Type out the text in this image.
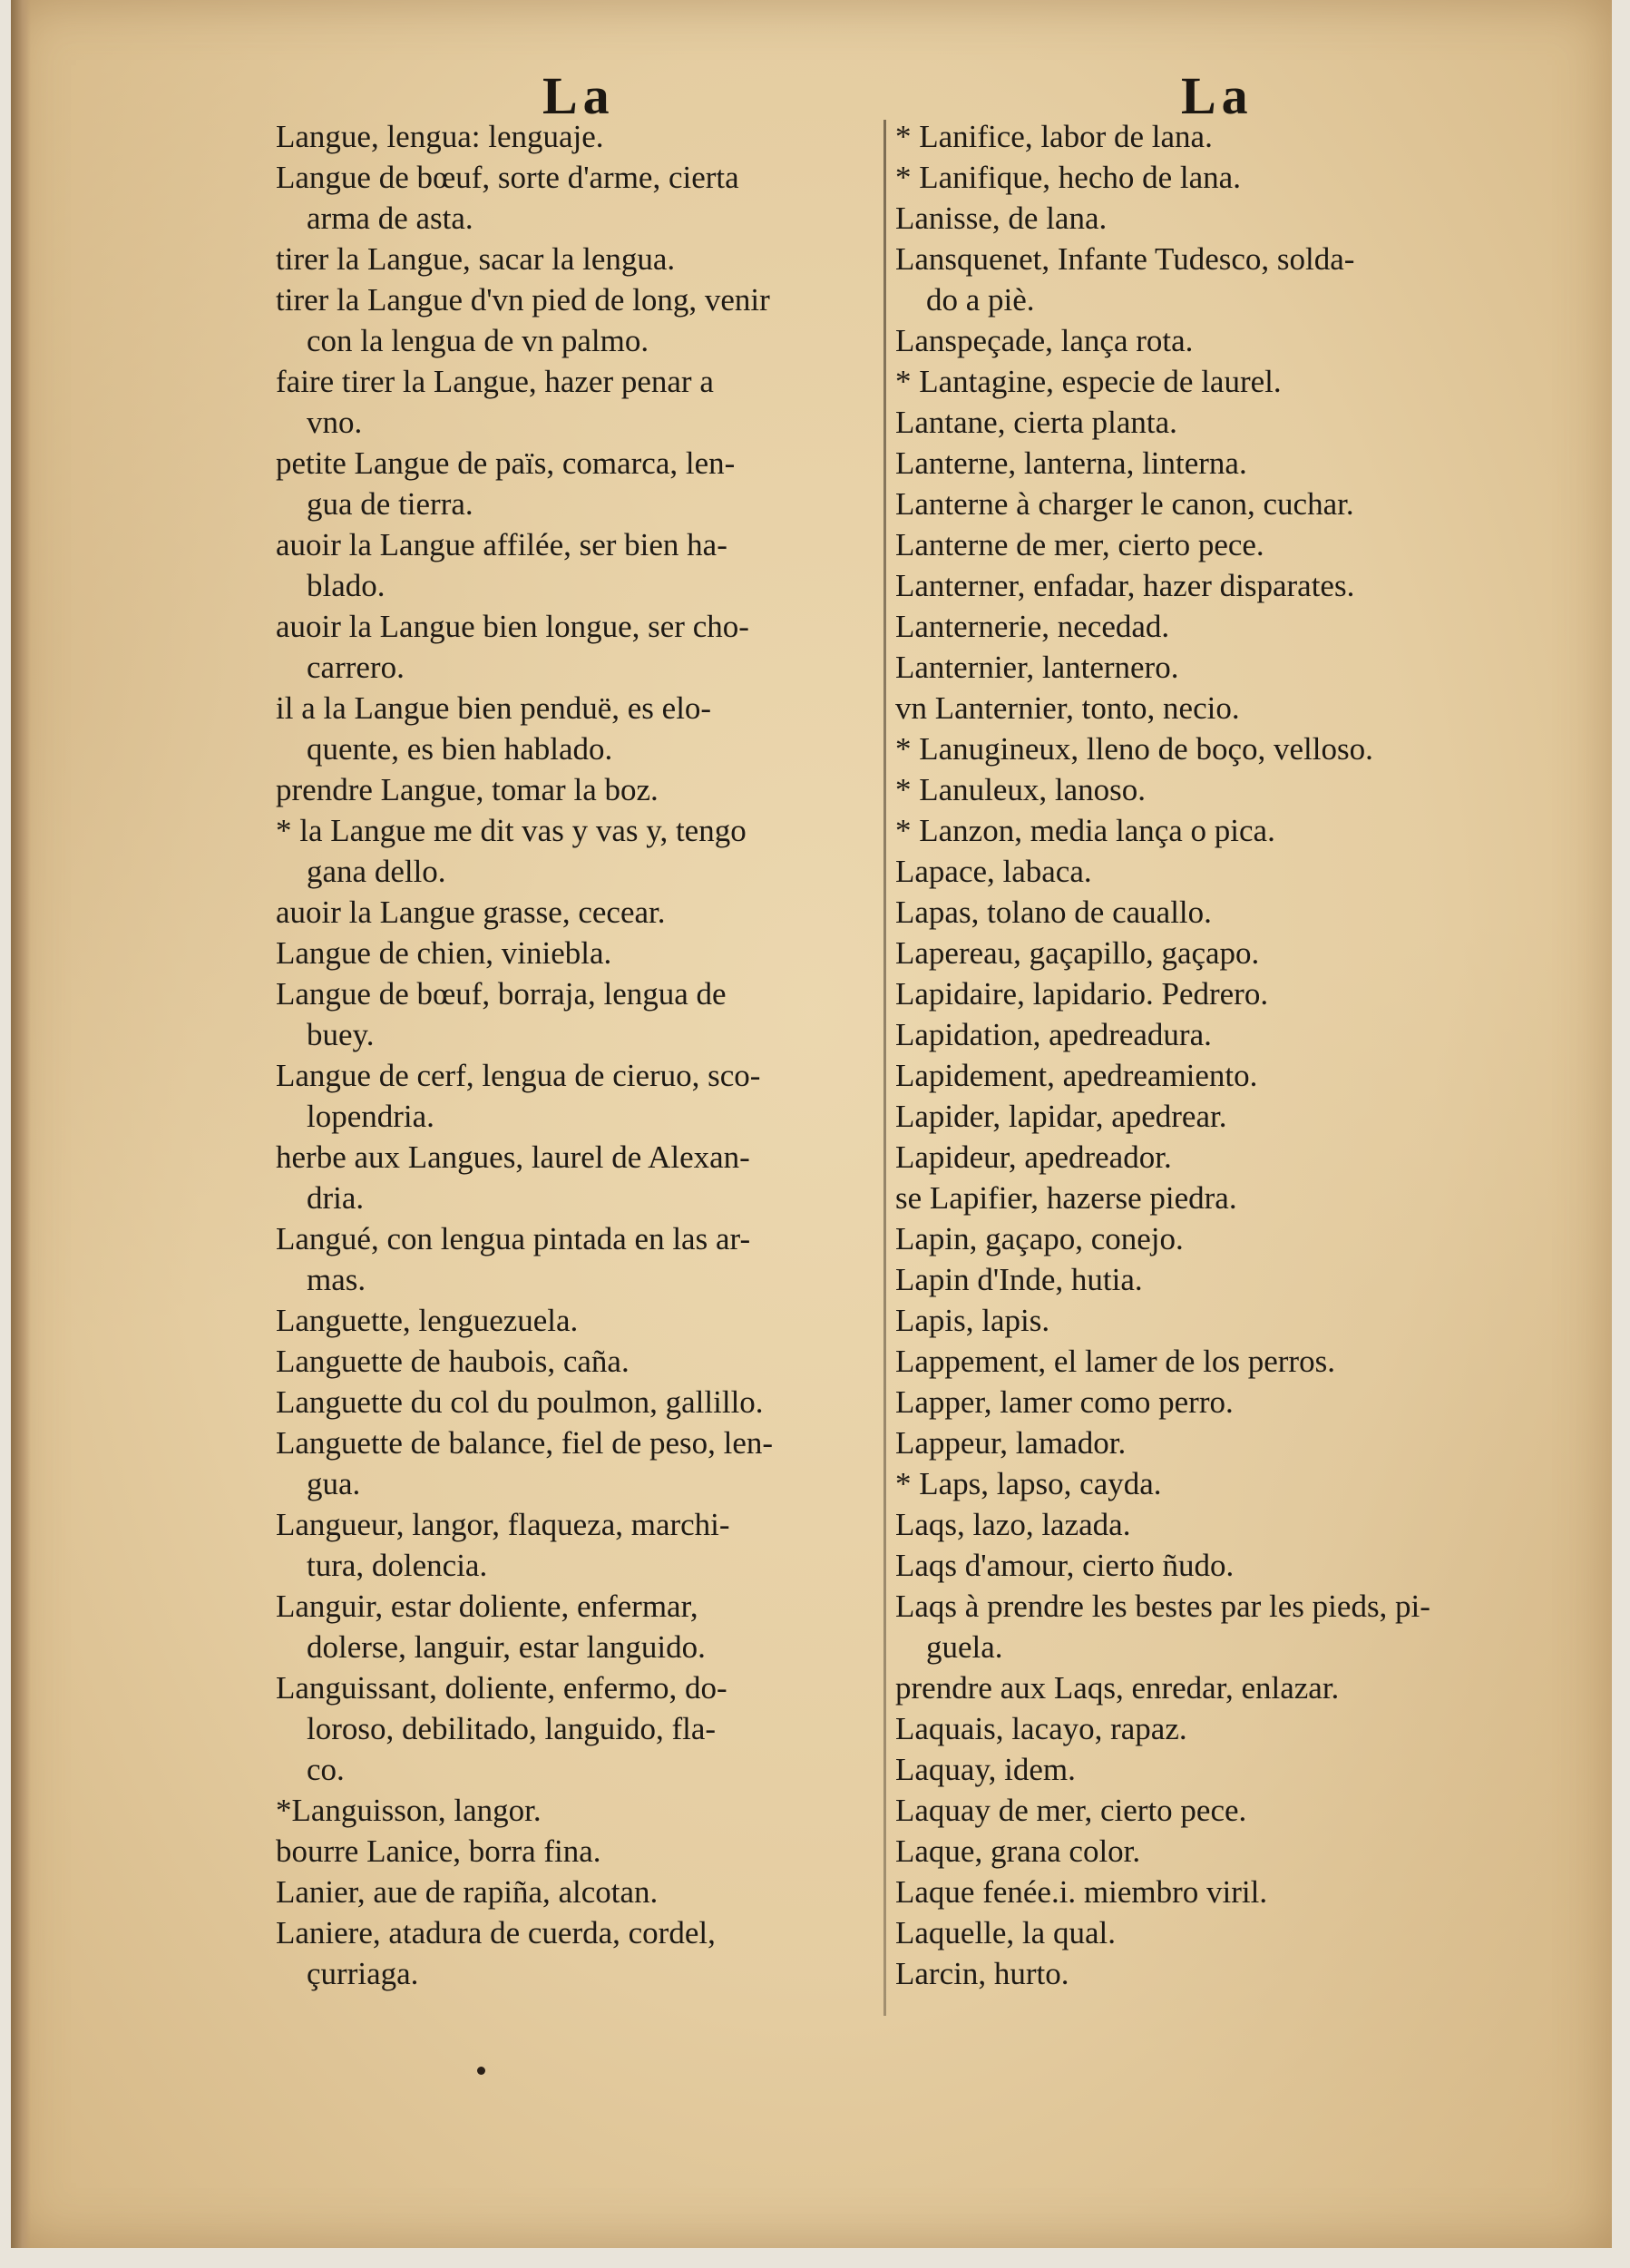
La	La
Langue, lengua: lenguaje.
Langue de bœuf, sorte d'arme, cierta
arma de asta.
tirer la Langue, sacar la lengua.
tirer la Langue d'vn pied de long, venir
con la lengua de vn palmo.
faire tirer la Langue, hazer penar a
vno.
petite Langue de païs, comarca, len-
gua de tierra.
auoir la Langue affilée, ser bien ha-
blado.
auoir la Langue bien longue, ser cho-
carrero.
il a la Langue bien penduë, es elo-
quente, es bien hablado.
prendre Langue, tomar la boz.
* la Langue me dit vas y vas y, tengo
gana dello.
auoir la Langue grasse, cecear.
Langue de chien, viniebla.
Langue de bœuf, borraja, lengua de
buey.
Langue de cerf, lengua de cieruo, sco-
lopendria.
herbe aux Langues, laurel de Alexan-
dria.
Langué, con lengua pintada en las ar-
mas.
Languette, lenguezuela.
Languette de haubois, caña.
Languette du col du poulmon, gallillo.
Languette de balance, fiel de peso, len-
gua.
Langueur, langor, flaqueza, marchi-
tura, dolencia.
Languir, estar doliente, enfermar,
dolerse, languir, estar languido.
Languissant, doliente, enfermo, do-
loroso, debilitado, languido, fla-
co.
*Languisson, langor.
bourre Lanice, borra fina.
Lanier, aue de rapiña, alcotan.
Laniere, atadura de cuerda, cordel,
çurriaga.
* Lanifice, labor de lana.
* Lanifique, hecho de lana.
Lanisse, de lana.
Lansquenet, Infante Tudesco, solda-
do a piè.
Lanspeçade, lança rota.
* Lantagine, especie de laurel.
Lantane, cierta planta.
Lanterne, lanterna, linterna.
Lanterne à charger le canon, cuchar.
Lanterne de mer, cierto pece.
Lanterner, enfadar, hazer disparates.
Lanternerie, necedad.
Lanternier, lanternero.
vn Lanternier, tonto, necio.
* Lanugineux, lleno de boço, velloso.
* Lanuleux, lanoso.
* Lanzon, media lança o pica.
Lapace, labaca.
Lapas, tolano de cauallo.
Lapereau, gaçapillo, gaçapo.
Lapidaire, lapidario. Pedrero.
Lapidation, apedreadura.
Lapidement, apedreamiento.
Lapider, lapidar, apedrear.
Lapideur, apedreador.
se Lapifier, hazerse piedra.
Lapin, gaçapo, conejo.
Lapin d'Inde, hutia.
Lapis, lapis.
Lappement, el lamer de los perros.
Lapper, lamer como perro.
Lappeur, lamador.
* Laps, lapso, cayda.
Laqs, lazo, lazada.
Laqs d'amour, cierto ñudo.
Laqs à prendre les bestes par les pieds, pi-
guela.
prendre aux Laqs, enredar, enlazar.
Laquais, lacayo, rapaz.
Laquay, idem.
Laquay de mer, cierto pece.
Laque, grana color.
Laque fenée.i. miembro viril.
Laquelle, la qual.
Larcin, hurto.
